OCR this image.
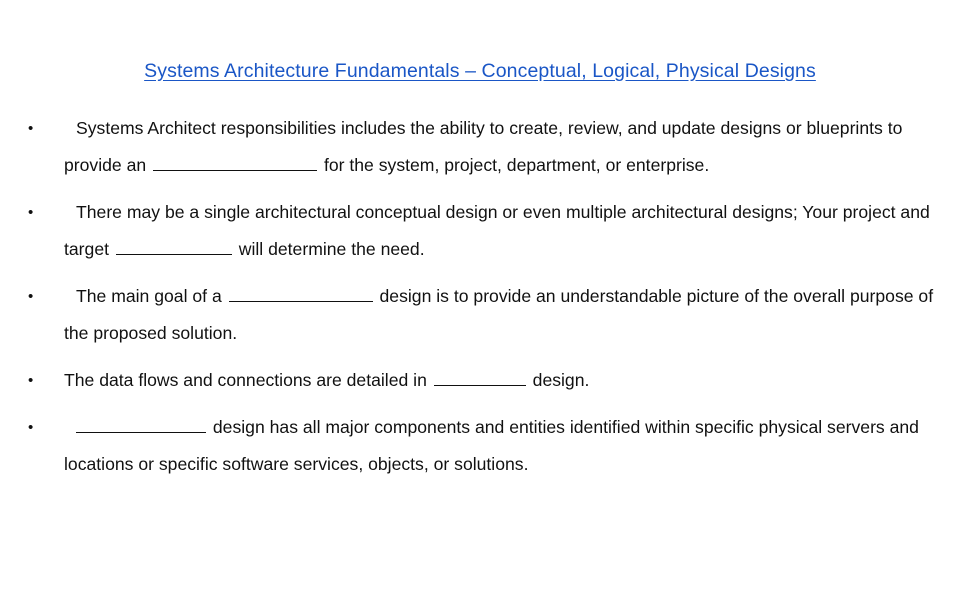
Systems Architecture Fundamentals – Conceptual, Logical, Physical Designs
•	Systems Architect responsibilities includes the ability to create, review, and update designs or blueprints to provide an	for the system, project, department, or enterprise.
•	There may be a single architectural conceptual design or even multiple architectural designs; Your project and target	will determine the need.
•	The main goal of a	design is to provide an understandable picture of the overall purpose of the proposed solution.
•	The data flows and connections are detailed in	design.
•	design has all major components and entities identified within specific physical servers and locations or specific software services, objects, or solutions.
